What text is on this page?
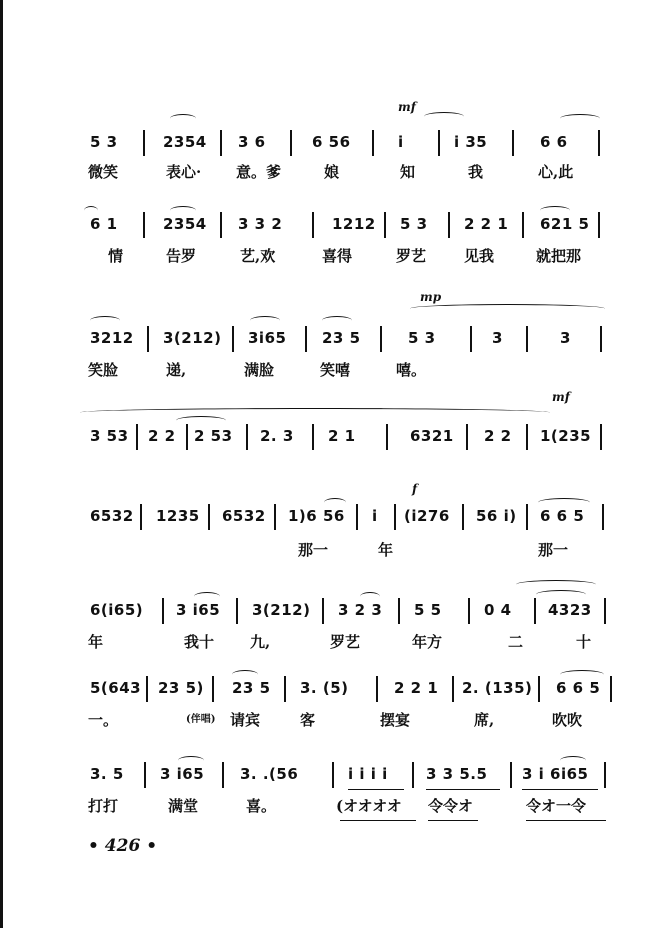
mf
5 3	2354 3 6	6 56	i	i 35	6 6
微笑	表心· 意。爹	娘	知	我	心,此
6 1	2354 3 3 2	1212 5 3 2 2 1 621 5
情	告罗	艺,欢	喜得	罗艺	见我	就把那
mp
3212 3(212) 3i65 23 5	5 3	3	3
笑脸	递,	满脸	笑嘻	嘻。
mf
3 53 2 2 2 53 2. 3 2 1	6321 2 2 1(235
f
6532 1235 6532 1)6 56 i (i276 56 i) 6 6 5
那一	年	那一
6(i65) 3 i65 3(212) 3 2 3 5 5	0 4 4323
年	我十 九,	罗艺	年方	二	十
5(643 23 5) 23 5 3. (5)	2 2 1 2. (135) 6 6 5
一。	(伴唱) 请宾	客	摆宴	席,	吹吹
3. 5 3 i65 3. .(56	i i i i	3 3 5.5 3 i 6i65
打打	满堂	喜。	(オオオオ 令令オ	令オ一令
• 426 •
